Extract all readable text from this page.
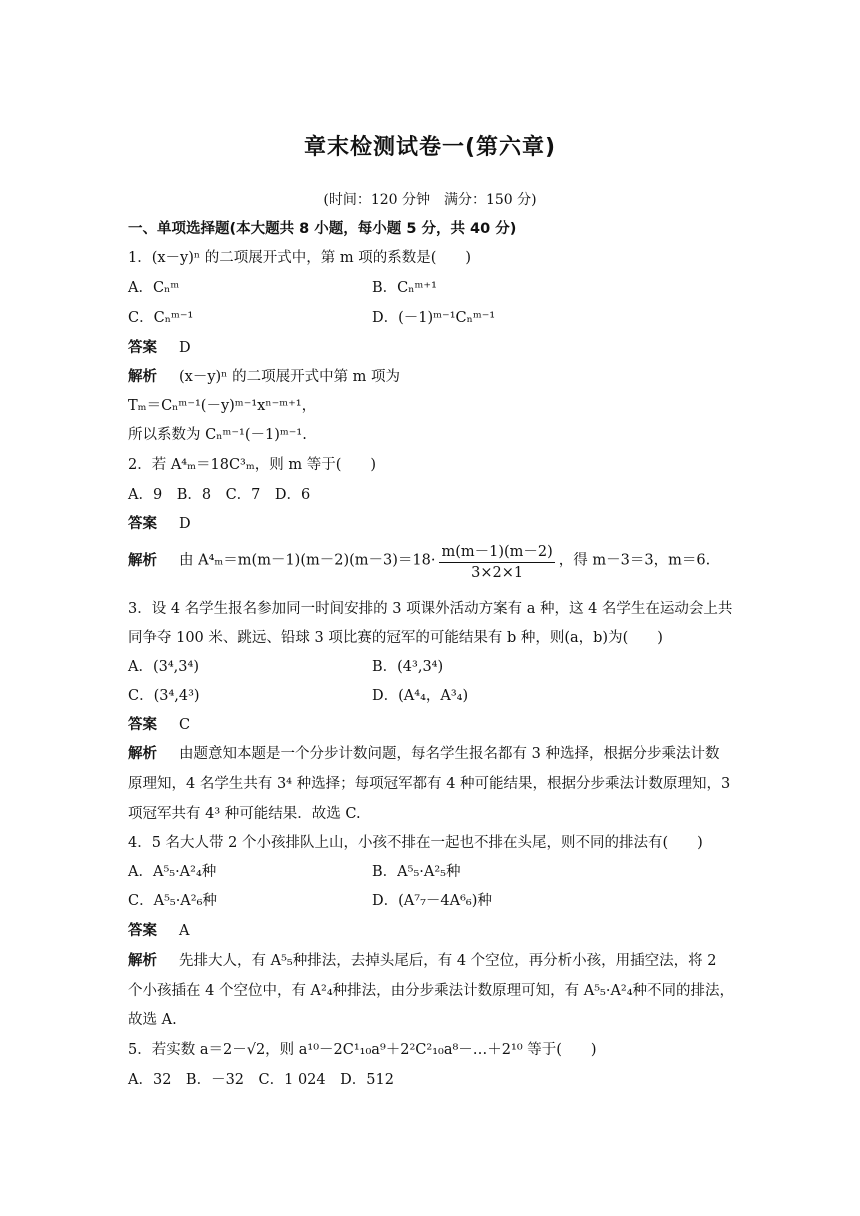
章末检测试卷一(第六章)
(时间：120 分钟　满分：150 分)
一、单项选择题(本大题共 8 小题，每小题 5 分，共 40 分)
1．(x－y)ⁿ 的二项展开式中，第 m 项的系数是(　　)
A．Cₙᵐ	B．Cₙᵐ⁺¹
C．Cₙᵐ⁻¹	D．(－1)ᵐ⁻¹Cₙᵐ⁻¹
答案 D
解析 (x－y)ⁿ 的二项展开式中第 m 项为
Tₘ＝Cₙᵐ⁻¹(－y)ᵐ⁻¹xⁿ⁻ᵐ⁺¹，
所以系数为 Cₙᵐ⁻¹(－1)ᵐ⁻¹.
2．若 A⁴ₘ＝18C³ₘ，则 m 等于(　　)
A．9　B．8　C．7　D．6
答案 D
解析 由 $A^4_m=m(m-1)(m-2)(m-3)=18\cdot \frac{m(m-1)(m-2)}{3\times 2\times 1}$ ，得 m－3＝3，m＝6.
3．设 4 名学生报名参加同一时间安排的 3 项课外活动方案有 a 种，这 4 名学生在运动会上共
同争夺 100 米、跳远、铅球 3 项比赛的冠军的可能结果有 b 种，则(a，b)为(　　)
A．(3⁴,3⁴)	B．(4³,3⁴)
C．(3⁴,4³)	D．(A⁴₄，A³₄)
答案 C
解析 由题意知本题是一个分步计数问题，每名学生报名都有 3 种选择，根据分步乘法计数
原理知，4 名学生共有 3⁴ 种选择；每项冠军都有 4 种可能结果，根据分步乘法计数原理知，3
项冠军共有 4³ 种可能结果．故选 C.
4．5 名大人带 2 个小孩排队上山，小孩不排在一起也不排在头尾，则不同的排法有(　　)
A．A⁵₅·A²₄种	B．A⁵₅·A²₅种
C．A⁵₅·A²₆种	D．(A⁷₇－4A⁶₆)种
答案 A
解析 先排大人，有 A⁵₅种排法，去掉头尾后，有 4 个空位，再分析小孩，用插空法，将 2
个小孩插在 4 个空位中，有 A²₄种排法，由分步乘法计数原理可知，有 A⁵₅·A²₄种不同的排法，
故选 A.
5．若实数 a＝2－√2，则 a¹⁰－2C¹₁₀a⁹＋2²C²₁₀a⁸－…＋2¹⁰ 等于(　　)
A．32　B．－32　C．1 024　D．512
